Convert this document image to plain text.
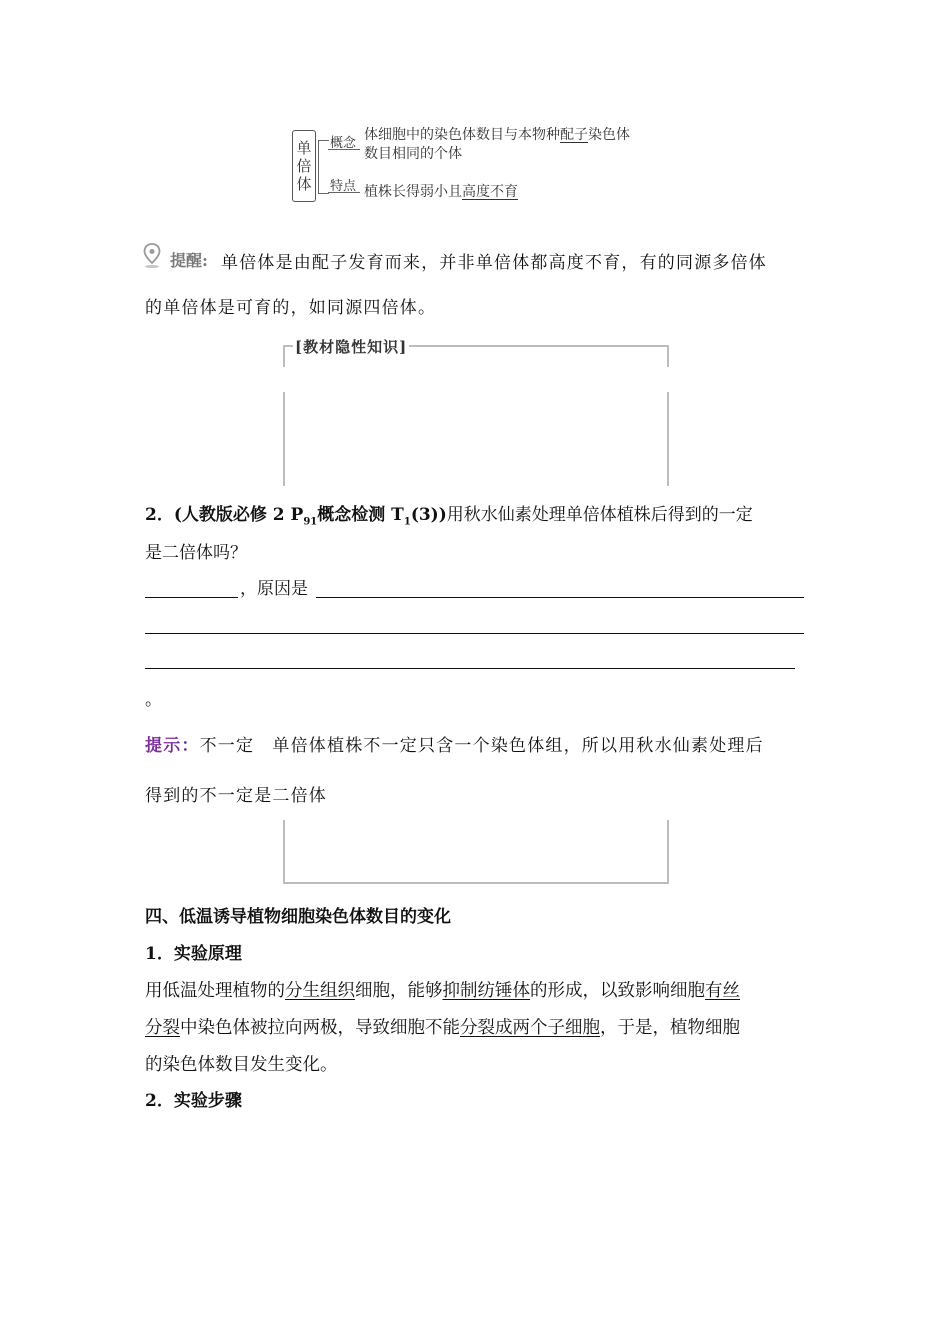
单
倍
体
概念
体细胞中的染色体数目与本物种配子染色体
数目相同的个体
特点 植株长得弱小且高度不育
提醒: 单倍体是由配子发育而来，并非单倍体都高度不育，有的同源多倍体
的单倍体是可育的，如同源四倍体。
[教材隐性知识]
2．(人教版必修 2 $P_{91}$概念检测 $T_1(3)$)用秋水仙素处理单倍体植株后得到的一定
是二倍体吗？
，原因是
。
提示：不一定　单倍体植株不一定只含一个染色体组，所以用秋水仙素处理后
得到的不一定是二倍体
四、低温诱导植物细胞染色体数目的变化
1．实验原理
用低温处理植物的分生组织细胞，能够抑制纺锤体的形成，以致影响细胞有丝
分裂中染色体被拉向两极，导致细胞不能分裂成两个子细胞，于是，植物细胞
的染色体数目发生变化。
2．实验步骤
